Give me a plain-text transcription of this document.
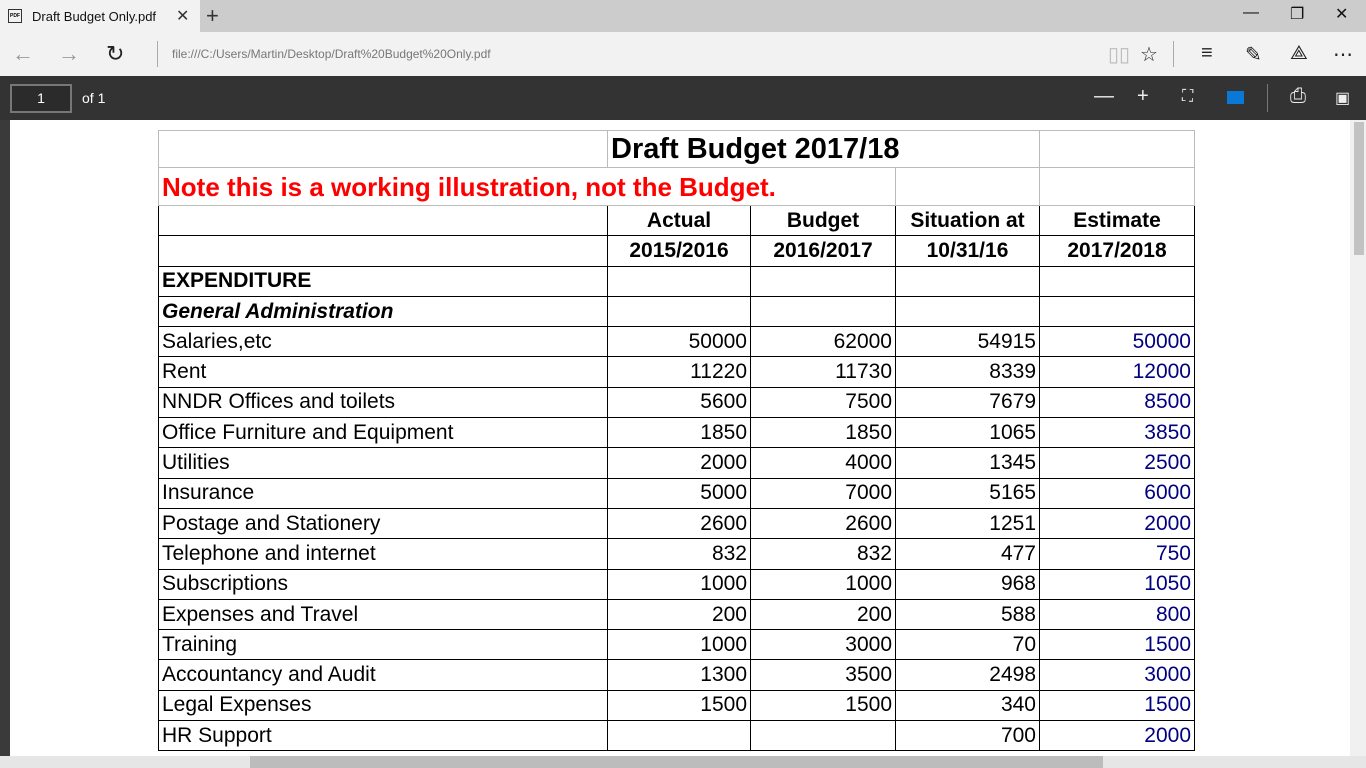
PDF Draft Budget Only.pdf ✕ +	— ❐ ✕
← → ↻	file:///C:/Users/Martin/Desktop/Draft%20Budget%20Only.pdf	▯▯ ☆ ≡ ✎ ⟁ ⋯
1	of 1	— + ⛶	⎙ ▣
	Draft Budget 2017/18			
Note this is a working illustration, not the Budget.				
	Actual	Budget	Situation at	Estimate
	2015/2016	2016/2017	10/31/16	2017/2018
EXPENDITURE				
General Administration				
Salaries,etc	50000	62000	54915	50000
Rent	11220	11730	8339	12000
NNDR Offices and toilets	5600	7500	7679	8500
Office Furniture and Equipment	1850	1850	1065	3850
Utilities	2000	4000	1345	2500
Insurance	5000	7000	5165	6000
Postage and Stationery	2600	2600	1251	2000
Telephone and internet	832	832	477	750
Subscriptions	1000	1000	968	1050
Expenses and Travel	200	200	588	800
Training	1000	3000	70	1500
Accountancy and Audit	1300	3500	2498	3000
Legal Expenses	1500	1500	340	1500
HR Support			700	2000
